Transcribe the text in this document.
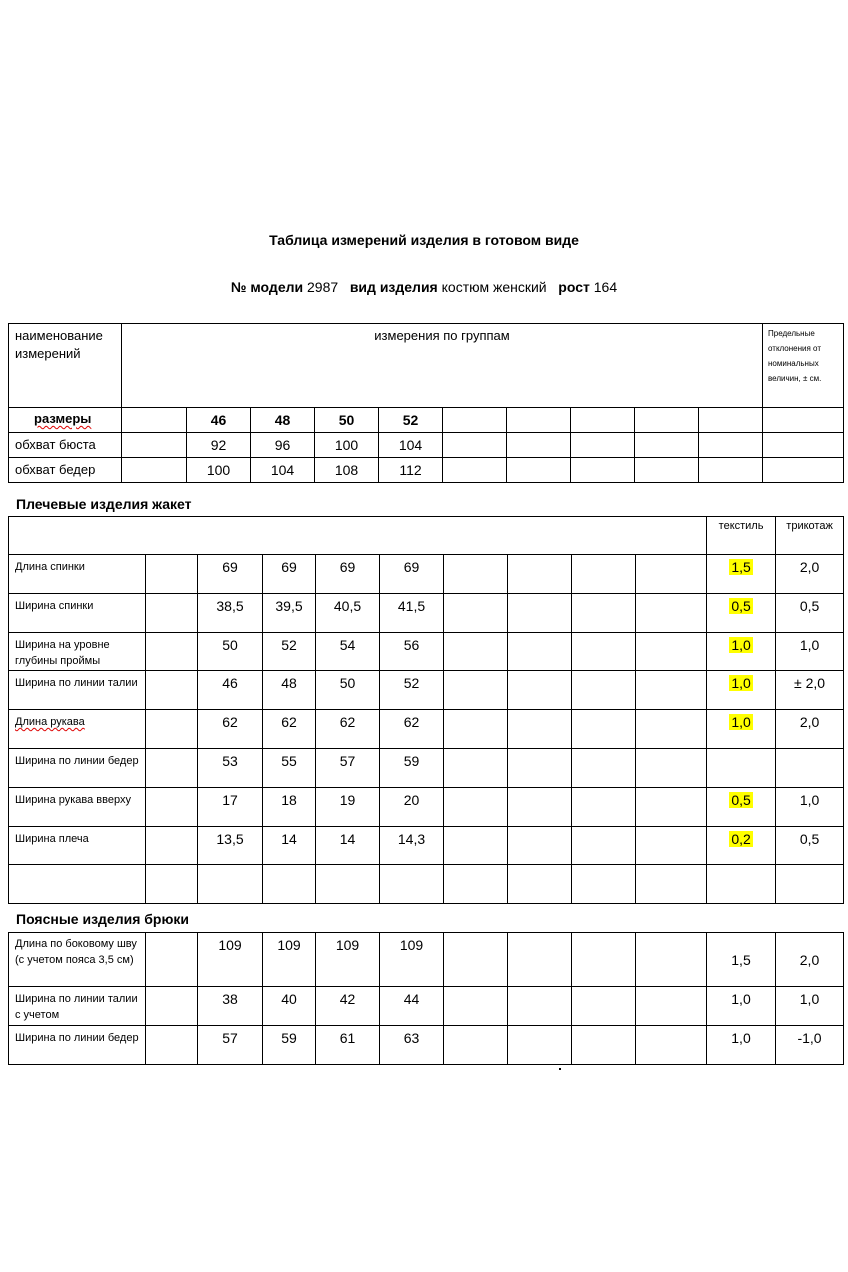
Таблица измерений изделия в готовом виде
№ модели 2987 вид изделия костюм женский рост 164
наименование измерений	измерения по группам										Предельные отклонения от номинальных величин, ± см.
размеры		46	48	50	52						
обхват бюста		92	96	100	104						
обхват бедер		100	104	108	112						
Плечевые изделия жакет
										текстиль	трикотаж
Длина спинки		69	69	69	69					1,5	2,0
Ширина спинки		38,5	39,5	40,5	41,5					0,5	0,5
Ширина на уровне глубины проймы		50	52	54	56					1,0	1,0
Ширина по линии талии		46	48	50	52					1,0	± 2,0
Длина рукава		62	62	62	62					1,0	2,0
Ширина по линии бедер		53	55	57	59						
Ширина рукава вверху		17	18	19	20					0,5	1,0
Ширина плеча		13,5	14	14	14,3					0,2	0,5

Поясные изделия брюки
Длина по боковому шву (с учетом пояса 3,5 см)		109	109	109	109					1,5	2,0
Ширина по линии талии с учетом		38	40	42	44					1,0	1,0
Ширина по линии бедер		57	59	61	63					1,0	-1,0
